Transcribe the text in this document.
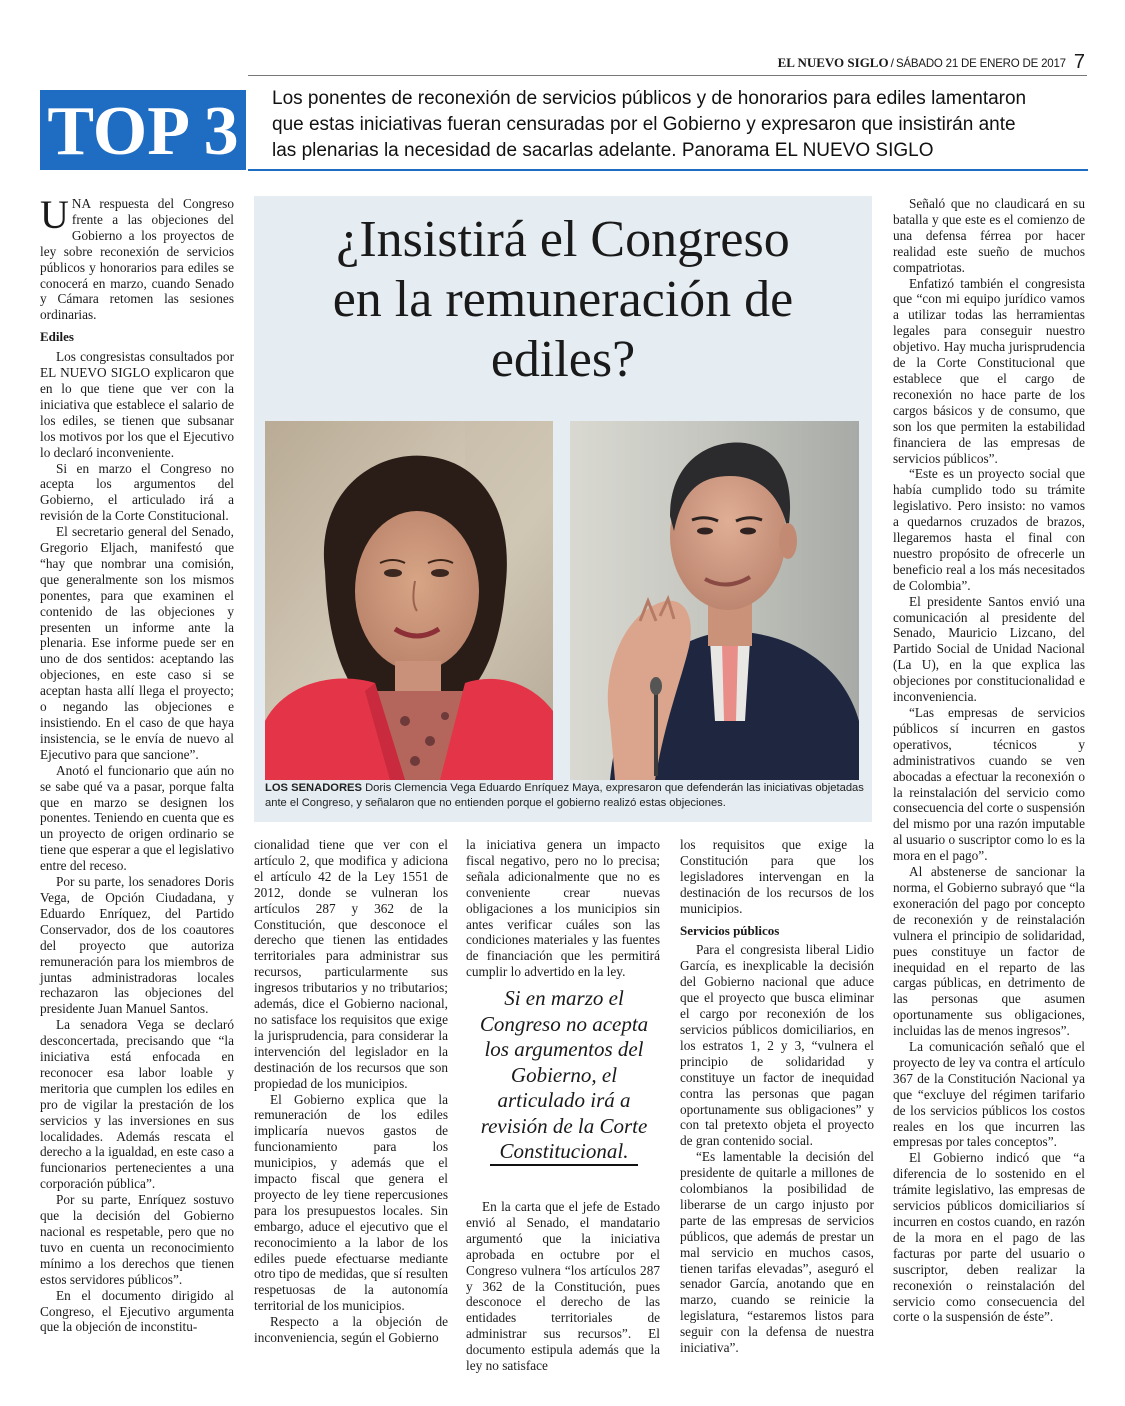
EL NUEVO SIGLO / SÁBADO 21 DE ENERO DE 2017 7
TOP 3	Los ponentes de reconexión de servicios públicos y de honorarios para ediles lamentaron
que estas iniciativas fueran censuradas por el Gobierno y expresaron que insistirán ante
las plenarias la necesidad de sacarlas adelante. Panorama EL NUEVO SIGLO
¿Insistirá el Congreso
en la remuneración de
ediles?
LOS SENADORES Doris Clemencia Vega Eduardo Enríquez Maya, expresaron que defenderán las iniciativas objetadas ante el Congreso, y señalaron que no entienden porque el gobierno realizó estas objeciones.

UNA respuesta del Congreso frente a las objeciones del Gobierno a los proyectos de ley sobre reconexión de servicios públicos y honorarios para ediles se conocerá en marzo, cuando Senado y Cámara retomen las sesiones ordinarias.

Ediles

Los congresistas consultados por EL NUEVO SIGLO explicaron que en lo que tiene que ver con la iniciativa que establece el salario de los ediles, se tienen que subsanar los motivos por los que el Ejecutivo lo declaró inconveniente.

Si en marzo el Congreso no acepta los argumentos del Gobierno, el articulado irá a revisión de la Corte Constitucional.

El secretario general del Senado, Gregorio Eljach, manifestó que “hay que nombrar una comisión, que generalmente son los mismos ponentes, para que examinen el contenido de las objeciones y presenten un informe ante la plenaria. Ese informe puede ser en uno de dos sentidos: aceptando las objeciones, en este caso si se aceptan hasta allí llega el proyecto; o negando las objeciones e insistiendo. En el caso de que haya insistencia, se le envía de nuevo al Ejecutivo para que sancione”.

Anotó el funcionario que aún no se sabe qué va a pasar, porque falta que en marzo se designen los ponentes. Teniendo en cuenta que es un proyecto de origen ordinario se tiene que esperar a que el legislativo entre del receso.

Por su parte, los senadores Doris Vega, de Opción Ciudadana, y Eduardo Enríquez, del Partido Conservador, dos de los coautores del proyecto que autoriza remuneración para los miembros de juntas administradoras locales rechazaron las objeciones del presidente Juan Manuel Santos.

La senadora Vega se declaró desconcertada, precisando que “la iniciativa está enfocada en reconocer esa labor loable y meritoria que cumplen los ediles en pro de vigilar la prestación de los servicios y las inversiones en sus localidades. Además rescata el derecho a la igualdad, en este caso a funcionarios pertenecientes a una corporación pública”.

Por su parte, Enríquez sostuvo que la decisión del Gobierno nacional es respetable, pero que no tuvo en cuenta un reconocimiento mínimo a los derechos que tienen estos servidores públicos”.

En el documento dirigido al Congreso, el Ejecutivo argumenta que la objeción de inconstitu-

cionalidad tiene que ver con el artículo 2, que modifica y adiciona el artículo 42 de la Ley 1551 de 2012, donde se vulneran los artículos 287 y 362 de la Constitución, que desconoce el derecho que tienen las entidades territoriales para administrar sus recursos, particularmente sus ingresos tributarios y no tributarios; además, dice el Gobierno nacional, no satisface los requisitos que exige la jurisprudencia, para considerar la intervención del legislador en la destinación de los recursos que son propiedad de los municipios.

El Gobierno explica que la remuneración de los ediles implicaría nuevos gastos de funcionamiento para los municipios, y además que el impacto fiscal que genera el proyecto de ley tiene repercusiones para los presupuestos locales. Sin embargo, aduce el ejecutivo que el reconocimiento a la labor de los ediles puede efectuarse mediante otro tipo de medidas, que sí resulten respetuosas de la autonomía territorial de los municipios.

Respecto a la objeción de inconveniencia, según el Gobierno

la iniciativa genera un impacto fiscal negativo, pero no lo precisa; señala adicionalmente que no es conveniente crear nuevas obligaciones a los municipios sin antes verificar cuáles son las condiciones materiales y las fuentes de financiación que les permitirá cumplir lo advertido en la ley.

Si en marzo el Congreso no acepta los argumentos del Gobierno, el articulado irá a revisión de la Corte Constitucional.

En la carta que el jefe de Estado envió al Senado, el mandatario argumentó que la iniciativa aprobada en octubre por el Congreso vulnera “los artículos 287 y 362 de la Constitución, pues desconoce el derecho de las entidades territoriales de administrar sus recursos”. El documento estipula además que la ley no satisface

los requisitos que exige la Constitución para que los legisladores intervengan en la destinación de los recursos de los municipios.

Servicios públicos

Para el congresista liberal Lidio García, es inexplicable la decisión del Gobierno nacional que aduce que el proyecto que busca eliminar el cargo por reconexión de los servicios públicos domiciliarios, en los estratos 1, 2 y 3, “vulnera el principio de solidaridad y constituye un factor de inequidad contra las personas que pagan oportunamente sus obligaciones” y con tal pretexto objeta el proyecto de gran contenido social.

“Es lamentable la decisión del presidente de quitarle a millones de colombianos la posibilidad de liberarse de un cargo injusto por parte de las empresas de servicios públicos, que además de prestar un mal servicio en muchos casos, tienen tarifas elevadas”, aseguró el senador García, anotando que en marzo, cuando se reinicie la legislatura, “estaremos listos para seguir con la defensa de nuestra iniciativa”.

Señaló que no claudicará en su batalla y que este es el comienzo de una defensa férrea por hacer realidad este sueño de muchos compatriotas.

Enfatizó también el congresista que “con mi equipo jurídico vamos a utilizar todas las herramientas legales para conseguir nuestro objetivo. Hay mucha jurisprudencia de la Corte Constitucional que establece que el cargo de reconexión no hace parte de los cargos básicos y de consumo, que son los que permiten la estabilidad financiera de las empresas de servicios públicos”.

“Este es un proyecto social que había cumplido todo su trámite legislativo. Pero insisto: no vamos a quedarnos cruzados de brazos, llegaremos hasta el final con nuestro propósito de ofrecerle un beneficio real a los más necesitados de Colombia”.

El presidente Santos envió una comunicación al presidente del Senado, Mauricio Lizcano, del Partido Social de Unidad Nacional (La U), en la que explica las objeciones por constitucionalidad e inconveniencia.

“Las empresas de servicios públicos sí incurren en gastos operativos, técnicos y administrativos cuando se ven abocadas a efectuar la reconexión o la reinstalación del servicio como consecuencia del corte o suspensión del mismo por una razón imputable al usuario o suscriptor como lo es la mora en el pago”.

Al abstenerse de sancionar la norma, el Gobierno subrayó que “la exoneración del pago por concepto de reconexión y de reinstalación vulnera el principio de solidaridad, pues constituye un factor de inequidad en el reparto de las cargas públicas, en detrimento de las personas que asumen oportunamente sus obligaciones, incluidas las de menos ingresos”.

La comunicación señaló que el proyecto de ley va contra el artículo 367 de la Constitución Nacional ya que “excluye del régimen tarifario de los servicios públicos los costos reales en los que incurren las empresas por tales conceptos”.

El Gobierno indicó que “a diferencia de lo sostenido en el trámite legislativo, las empresas de servicios públicos domiciliarios sí incurren en costos cuando, en razón de la mora en el pago de las facturas por parte del usuario o suscriptor, deben realizar la reconexión o reinstalación del servicio como consecuencia del corte o la suspensión de éste”.
